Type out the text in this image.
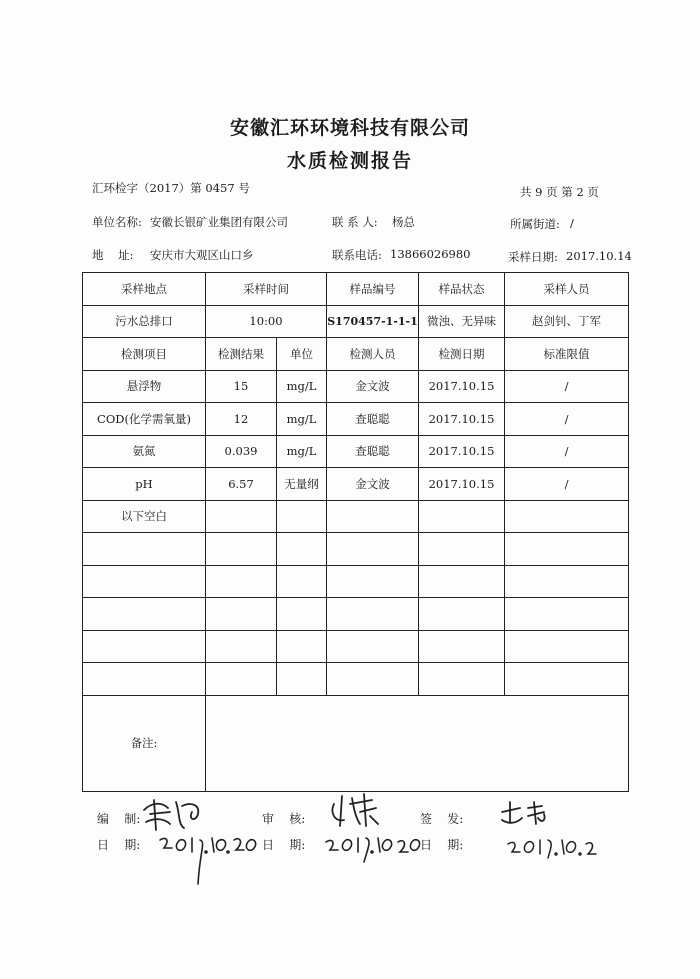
安徽汇环环境科技有限公司
水质检测报告
汇环检字（2017）第 0457 号	共 9 页 第 2 页
单位名称: 安徽长银矿业集团有限公司	联 系 人: 杨总	所属街道: /
地    址: 安庆市大观区山口乡	联系电话: 13866026980	采样日期: 2017.10.14
采样地点	采样时间		样品编号	样品状态	采样人员
污水总排口	10:00		S170457-1-1-1	微浊、无异味	赵剑钊、丁军
检测项目	检测结果	单位	检测人员	检测日期	标准限值
悬浮物	15	mg/L	金文波	2017.10.15	/
COD(化学需氧量)	12	mg/L	查聪聪	2017.10.15	/
氨氮	0.039	mg/L	查聪聪	2017.10.15	/
pH	6.57	无量纲	金文波	2017.10.15	/
以下空白					

备注:					
编    制:	审    核:	签    发:
日    期:	日    期:	日    期:
